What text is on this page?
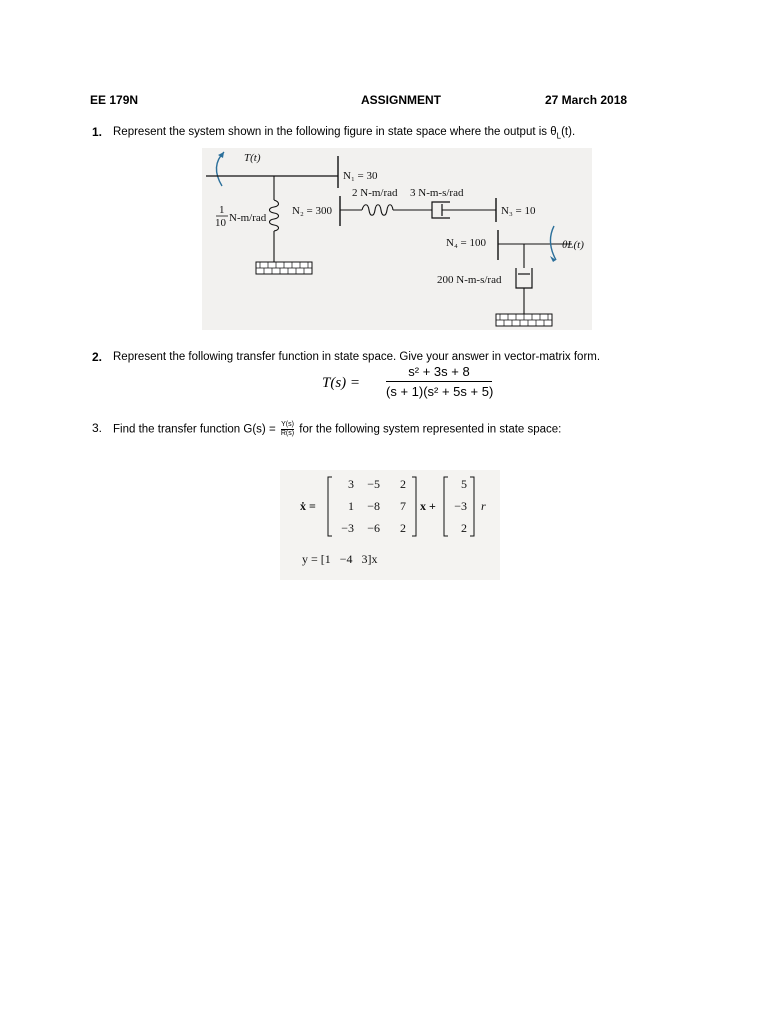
EE 179N	ASSIGNMENT	27 March 2018
1. Represent the system shown in the following figure in state space where the output is $\theta_L(t)$.
T(t)
N₁ = 30
1
10 N-m/rad
N₂ = 300
2 N-m/rad 3 N-m-s/rad
N₃ = 10
N₄ = 100	θL(t)
200 N-m-s/rad
2. Represent the following transfer function in state space. Give your answer in vector-matrix form.
T(s) =
s² + 3s + 8
(s + 1)(s² + 5s + 5)
3. Find the transfer function $G(s) = \frac{Y(s)}{R(s)}$ for the following system represented in state space:
ẋ =
3 −5 2
1 −8 7
−3 −6 2
x +
5
−3
2
r
y = [1   −4   3]x
